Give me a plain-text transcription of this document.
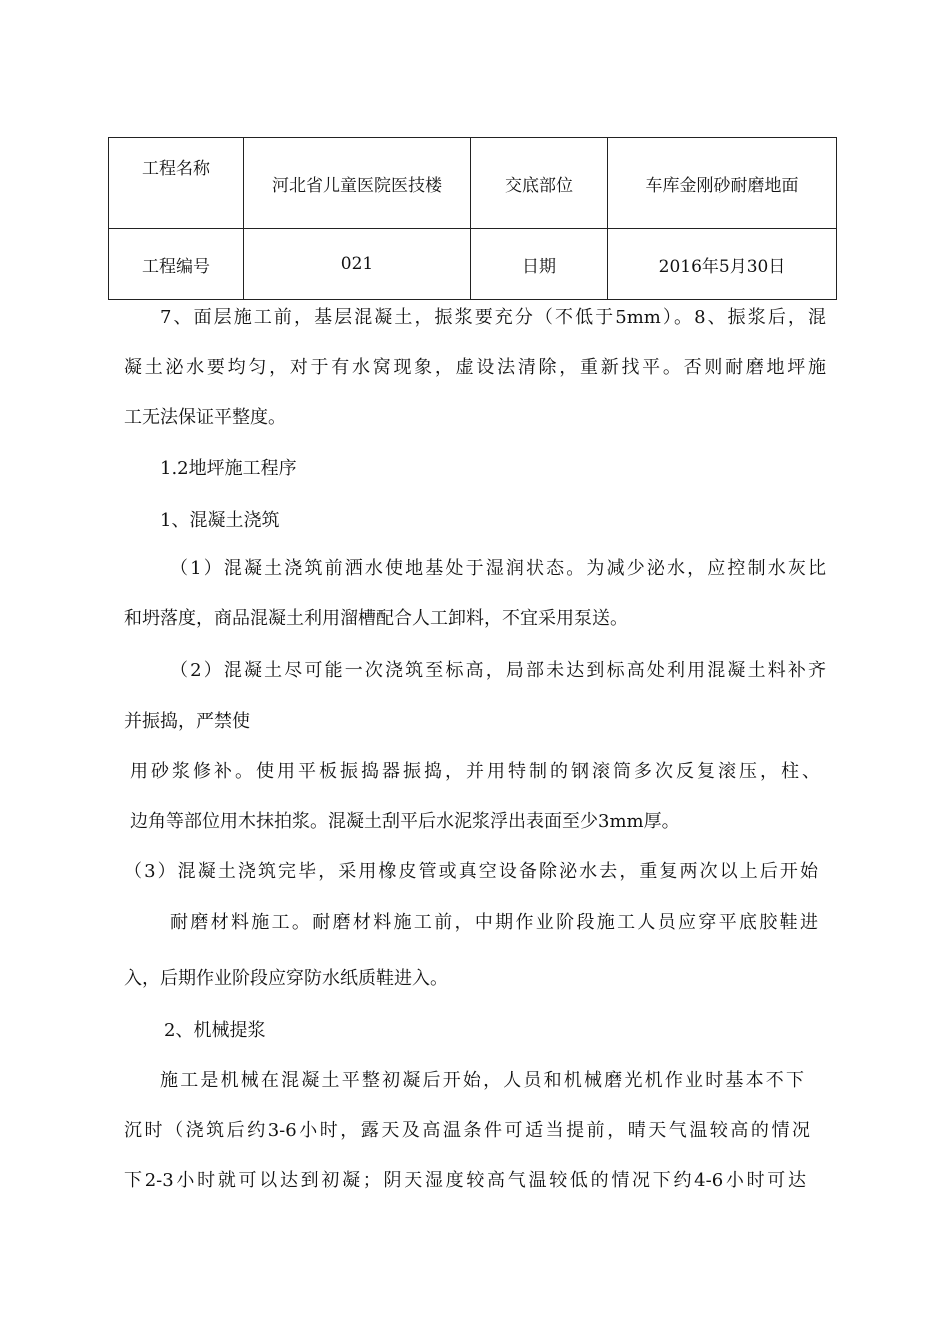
工程名称	河北省儿童医院医技楼	交底部位	车库金刚砂耐磨地面
工程编号	021	日期	2016年5月30日
7、面层施工前，基层混凝土，振浆要充分（不低于5mm）。8、振浆后，混
凝土泌水要均匀，对于有水窝现象，虚设法清除，重新找平。否则耐磨地坪施
工无法保证平整度。
1.2地坪施工程序
1、混凝土浇筑
（1）混凝土浇筑前洒水使地基处于湿润状态。为减少泌水，应控制水灰比
和坍落度，商品混凝土利用溜槽配合人工卸料，不宜采用泵送。
（2）混凝土尽可能一次浇筑至标高，局部未达到标高处利用混凝土料补齐
并振捣，严禁使
用砂浆修补。使用平板振捣器振捣，并用特制的钢滚筒多次反复滚压，柱、
边角等部位用木抹拍浆。混凝土刮平后水泥浆浮出表面至少3mm厚。
（3）混凝土浇筑完毕，采用橡皮管或真空设备除泌水去，重复两次以上后开始
耐磨材料施工。耐磨材料施工前，中期作业阶段施工人员应穿平底胶鞋进
入，后期作业阶段应穿防水纸质鞋进入。
2、机械提浆
施工是机械在混凝土平整初凝后开始，人员和机械磨光机作业时基本不下
沉时（浇筑后约3-6小时，露天及高温条件可适当提前，晴天气温较高的情况
下2-3小时就可以达到初凝；阴天湿度较高气温较低的情况下约4-6小时可达
